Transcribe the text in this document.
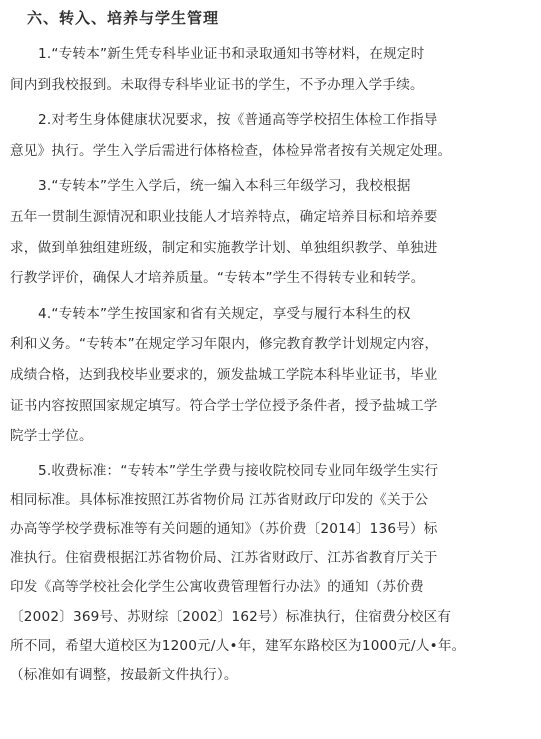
六、转入、培养与学生管理
1.“专转本”新生凭专科毕业证书和录取通知书等材料，在规定时
间内到我校报到。未取得专科毕业证书的学生，不予办理入学手续。
2.对考生身体健康状况要求，按《普通高等学校招生体检工作指导
意见》执行。学生入学后需进行体格检查，体检异常者按有关规定处理。
3.“专转本”学生入学后，统一编入本科三年级学习，我校根据
五年一贯制生源情况和职业技能人才培养特点，确定培养目标和培养要
求，做到单独组建班级，制定和实施教学计划、单独组织教学、单独进
行教学评价，确保人才培养质量。“专转本”学生不得转专业和转学。
4.“专转本”学生按国家和省有关规定，享受与履行本科生的权
利和义务。“专转本”在规定学习年限内，修完教育教学计划规定内容，
成绩合格，达到我校毕业要求的，颁发盐城工学院本科毕业证书，毕业
证书内容按照国家规定填写。符合学士学位授予条件者，授予盐城工学
院学士学位。
5.收费标准：“专转本”学生学费与接收院校同专业同年级学生实行
相同标准。具体标准按照江苏省物价局 江苏省财政厅印发的《关于公
办高等学校学费标准等有关问题的通知》（苏价费〔2014〕136号）标
准执行。住宿费根据江苏省物价局、江苏省财政厅、江苏省教育厅关于
印发《高等学校社会化学生公寓收费管理暂行办法》的通知（苏价费
〔2002〕369号、苏财综〔2002〕162号）标准执行，住宿费分校区有
所不同，希望大道校区为1200元/人•年，建军东路校区为1000元/人•年。
（标准如有调整，按最新文件执行）。
